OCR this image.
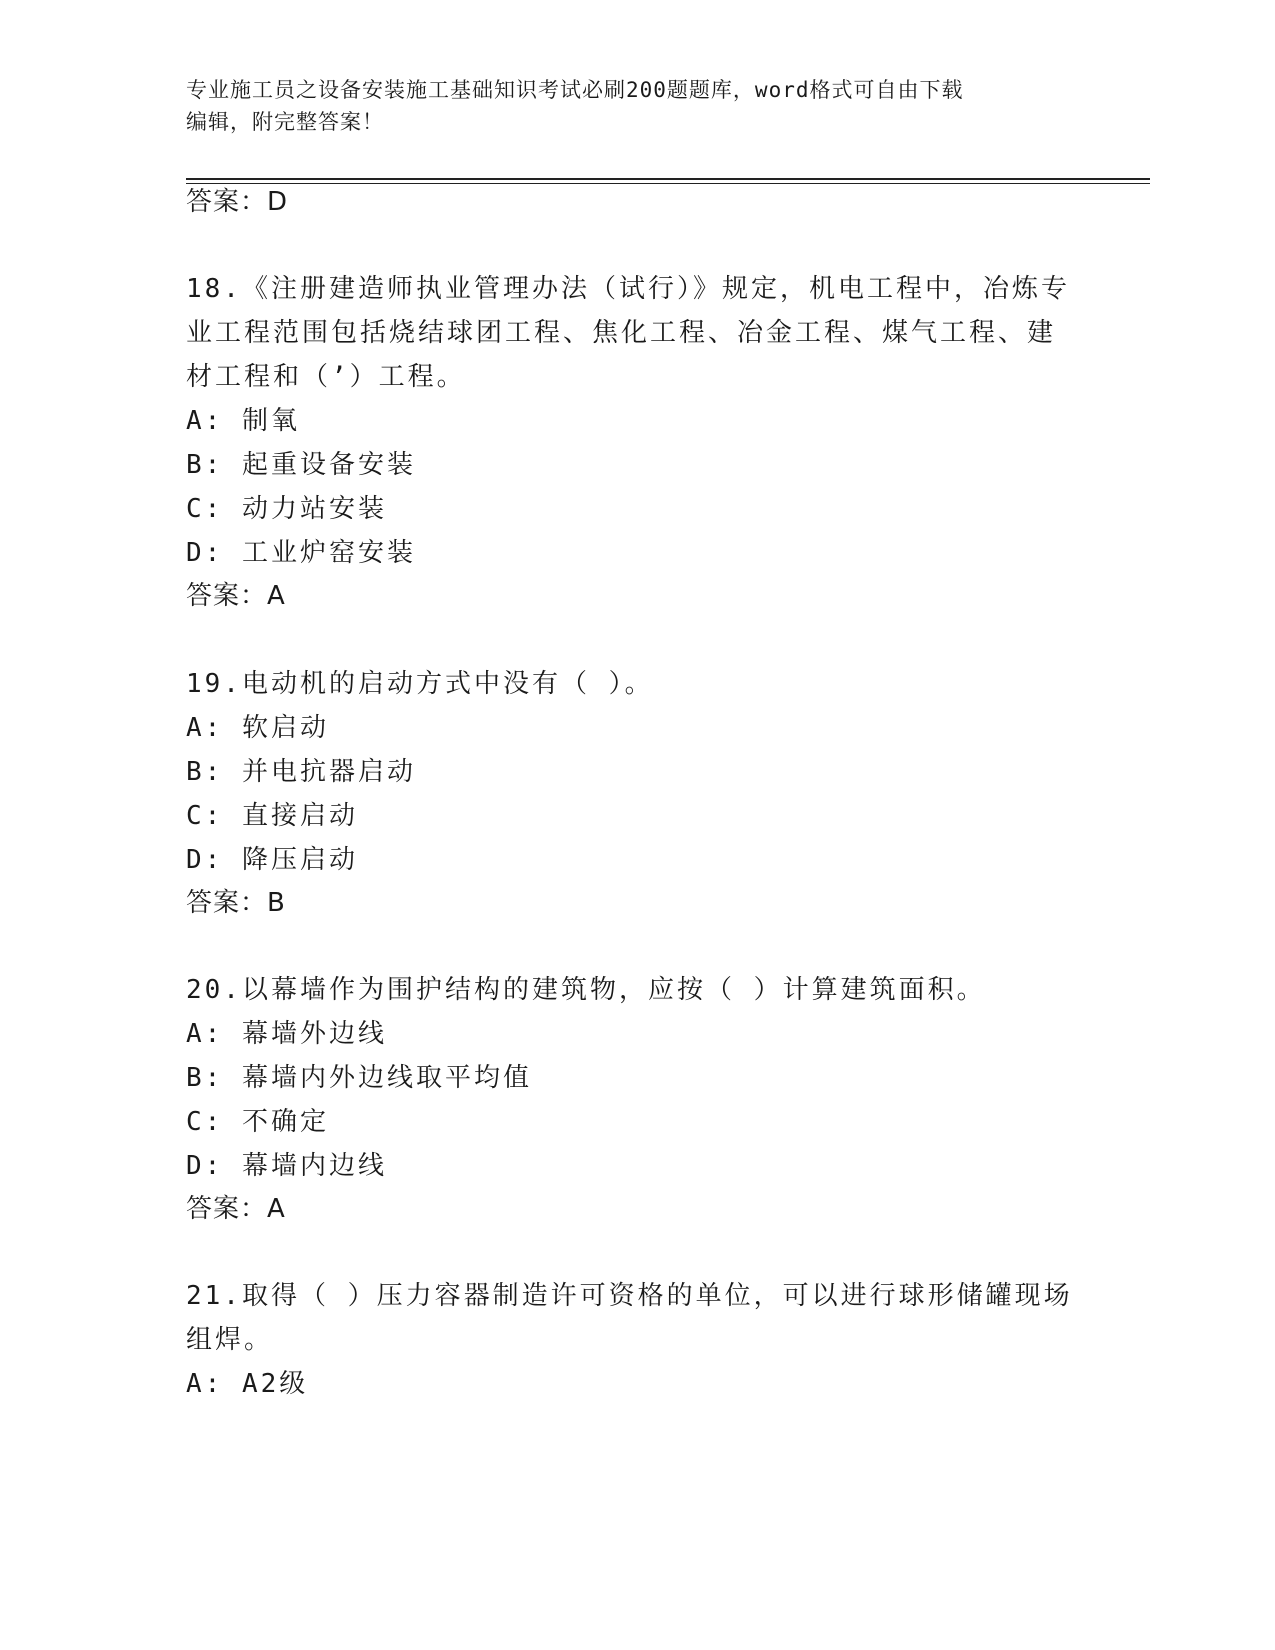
专业施工员之设备安装施工基础知识考试必刷200题题库，word格式可自由下载
编辑，附完整答案！
答案：D
18.《注册建造师执业管理办法（试行）》规定，机电工程中，冶炼专
业工程范围包括烧结球团工程、焦化工程、冶金工程、煤气工程、建
材工程和（’）工程。
A: 制氧
B: 起重设备安装
C: 动力站安装
D: 工业炉窑安装
答案：A
19.电动机的启动方式中没有（ ）。
A: 软启动
B: 并电抗器启动
C: 直接启动
D: 降压启动
答案：B
20.以幕墙作为围护结构的建筑物，应按（ ）计算建筑面积。
A: 幕墙外边线
B: 幕墙内外边线取平均值
C: 不确定
D: 幕墙内边线
答案：A
21.取得（ ）压力容器制造许可资格的单位，可以进行球形储罐现场
组焊。
A: A2级
